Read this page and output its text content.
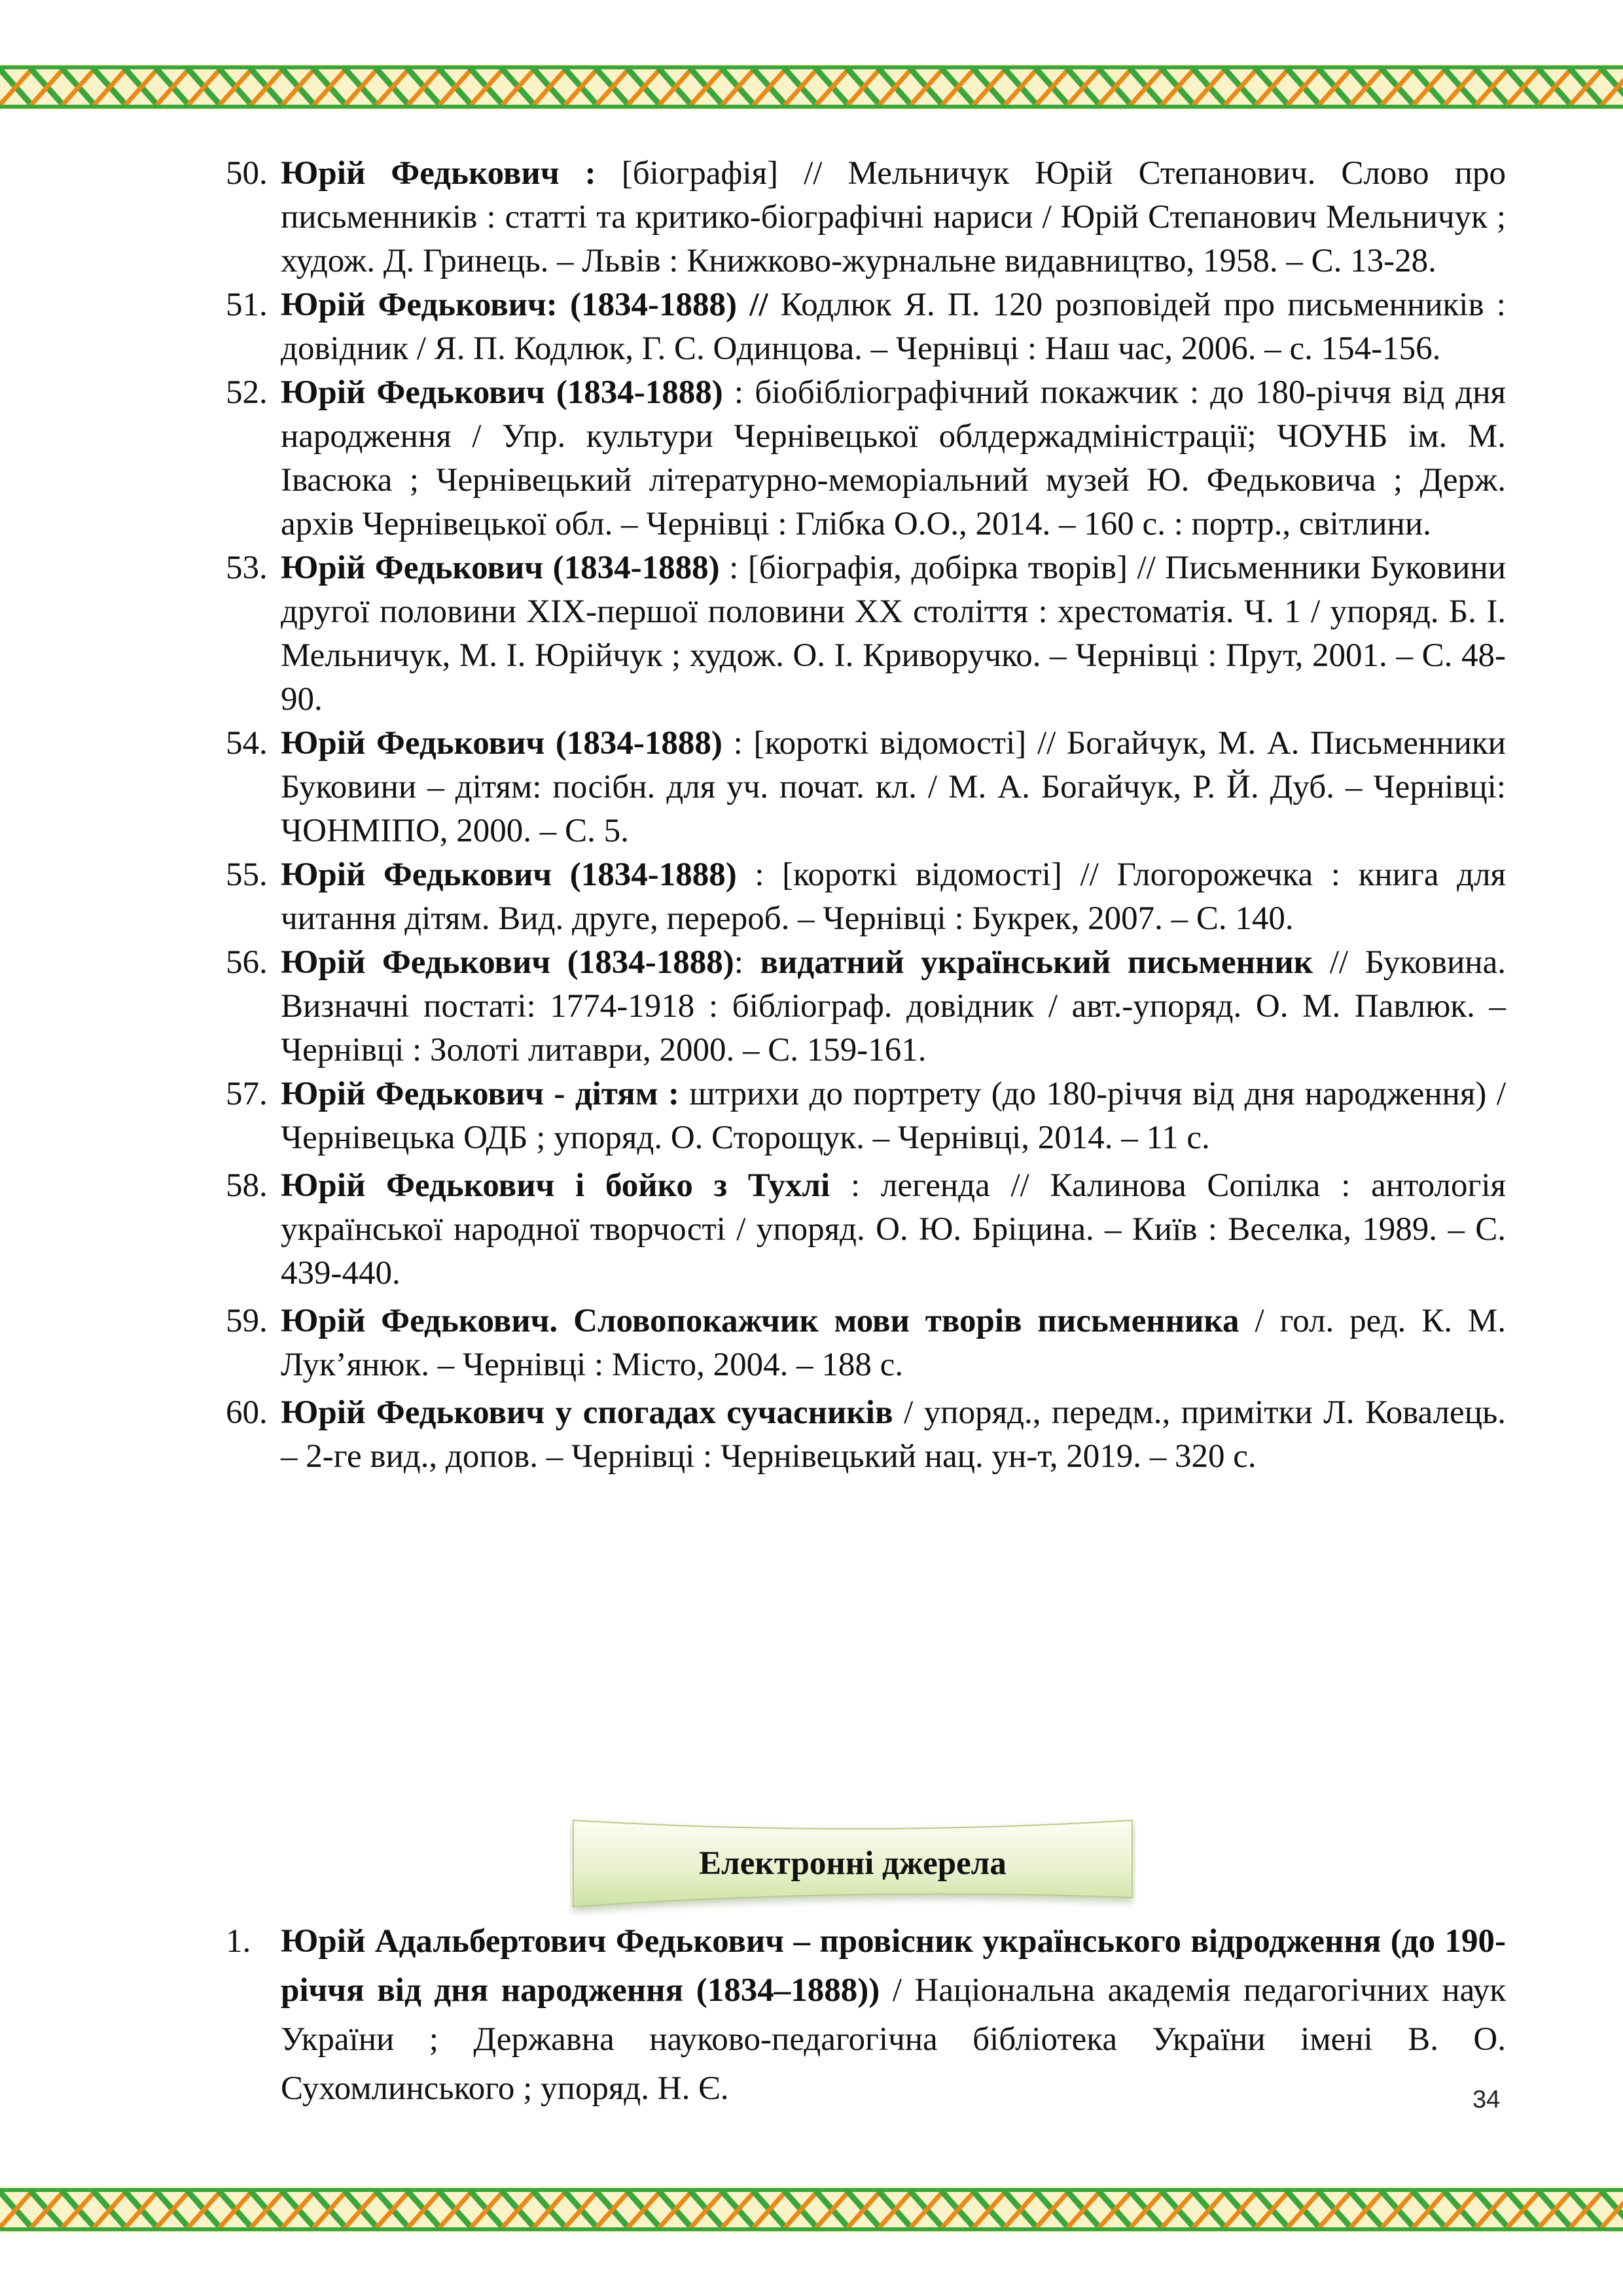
50. Юрій Федькович : [біографія] // Мельничук Юрій Степанович. Слово про письменників : статті та критико-біографічні нариси / Юрій Степанович Мельничук ; худож. Д. Гринець. – Львів : Книжково-журнальне видавництво, 1958. – С. 13-28.
51. Юрій Федькович: (1834-1888) // Кодлюк Я. П. 120 розповідей про письменників : довідник / Я. П. Кодлюк, Г. С. Одинцова. – Чернівці : Наш час, 2006. – с. 154-156.
52. Юрій Федькович (1834-1888) : біобібліографічний покажчик : до 180-річчя від дня народження / Упр. культури Чернівецької облдержадміністрації; ЧОУНБ ім. М. Івасюка ; Чернівецький літературно-меморіальний музей Ю. Федьковича ; Держ. архів Чернівецької обл. – Чернівці : Глібка О.О., 2014. – 160 с. : портр., світлини.
53. Юрій Федькович (1834-1888) : [біографія, добірка творів] // Письменники Буковини другої половини ХІХ-першої половини ХХ століття : хрестоматія. Ч. 1 / упоряд. Б. І. Мельничук, М. І. Юрійчук ; худож. О. І. Криворучко. – Чернівці : Прут, 2001. – С. 48-90.
54. Юрій Федькович (1834-1888) : [короткі відомості] // Богайчук, М. А. Письменники Буковини – дітям: посібн. для уч. почат. кл. / М. А. Богайчук, Р. Й. Дуб. – Чернівці: ЧОНМІПО, 2000. – С. 5.
55. Юрій Федькович (1834-1888) : [короткі відомості] // Глогорожечка : книга для читання дітям. Вид. друге, перероб. – Чернівці : Букрек, 2007. – С. 140.
56. Юрій Федькович (1834-1888): видатний український письменник // Буковина. Визначні постаті: 1774-1918 : бібліограф. довідник / авт.-упоряд. О. М. Павлюк. – Чернівці : Золоті литаври, 2000. – С. 159-161.
57. Юрій Федькович - дітям : штрихи до портрету (до 180-річчя від дня народження) / Чернівецька ОДБ ; упоряд. О. Сторощук. – Чернівці, 2014. – 11 с.
58. Юрій Федькович і бойко з Тухлі : легенда // Калинова Сопілка : антологія української народної творчості / упоряд. О. Ю. Бріцина. – Київ : Веселка, 1989. – С. 439-440.
59. Юрій Федькович. Словопокажчик мови творів письменника / гол. ред. К. М. Лук’янюк. – Чернівці : Місто, 2004. – 188 с.
60. Юрій Федькович у спогадах сучасників / упоряд., передм., примітки Л. Ковалець. – 2-ге вид., допов. – Чернівці : Чернівецький нац. ун-т, 2019. – 320 с.
Електронні джерела
1. Юрій Адальбертович Федькович – провісник українського відродження (до 190-річчя від дня народження (1834–1888)) / Національна академія педагогічних наук України ; Державна науково-педагогічна бібліотека України імені В. О. Сухомлинського ; упоряд. Н. Є.	34
